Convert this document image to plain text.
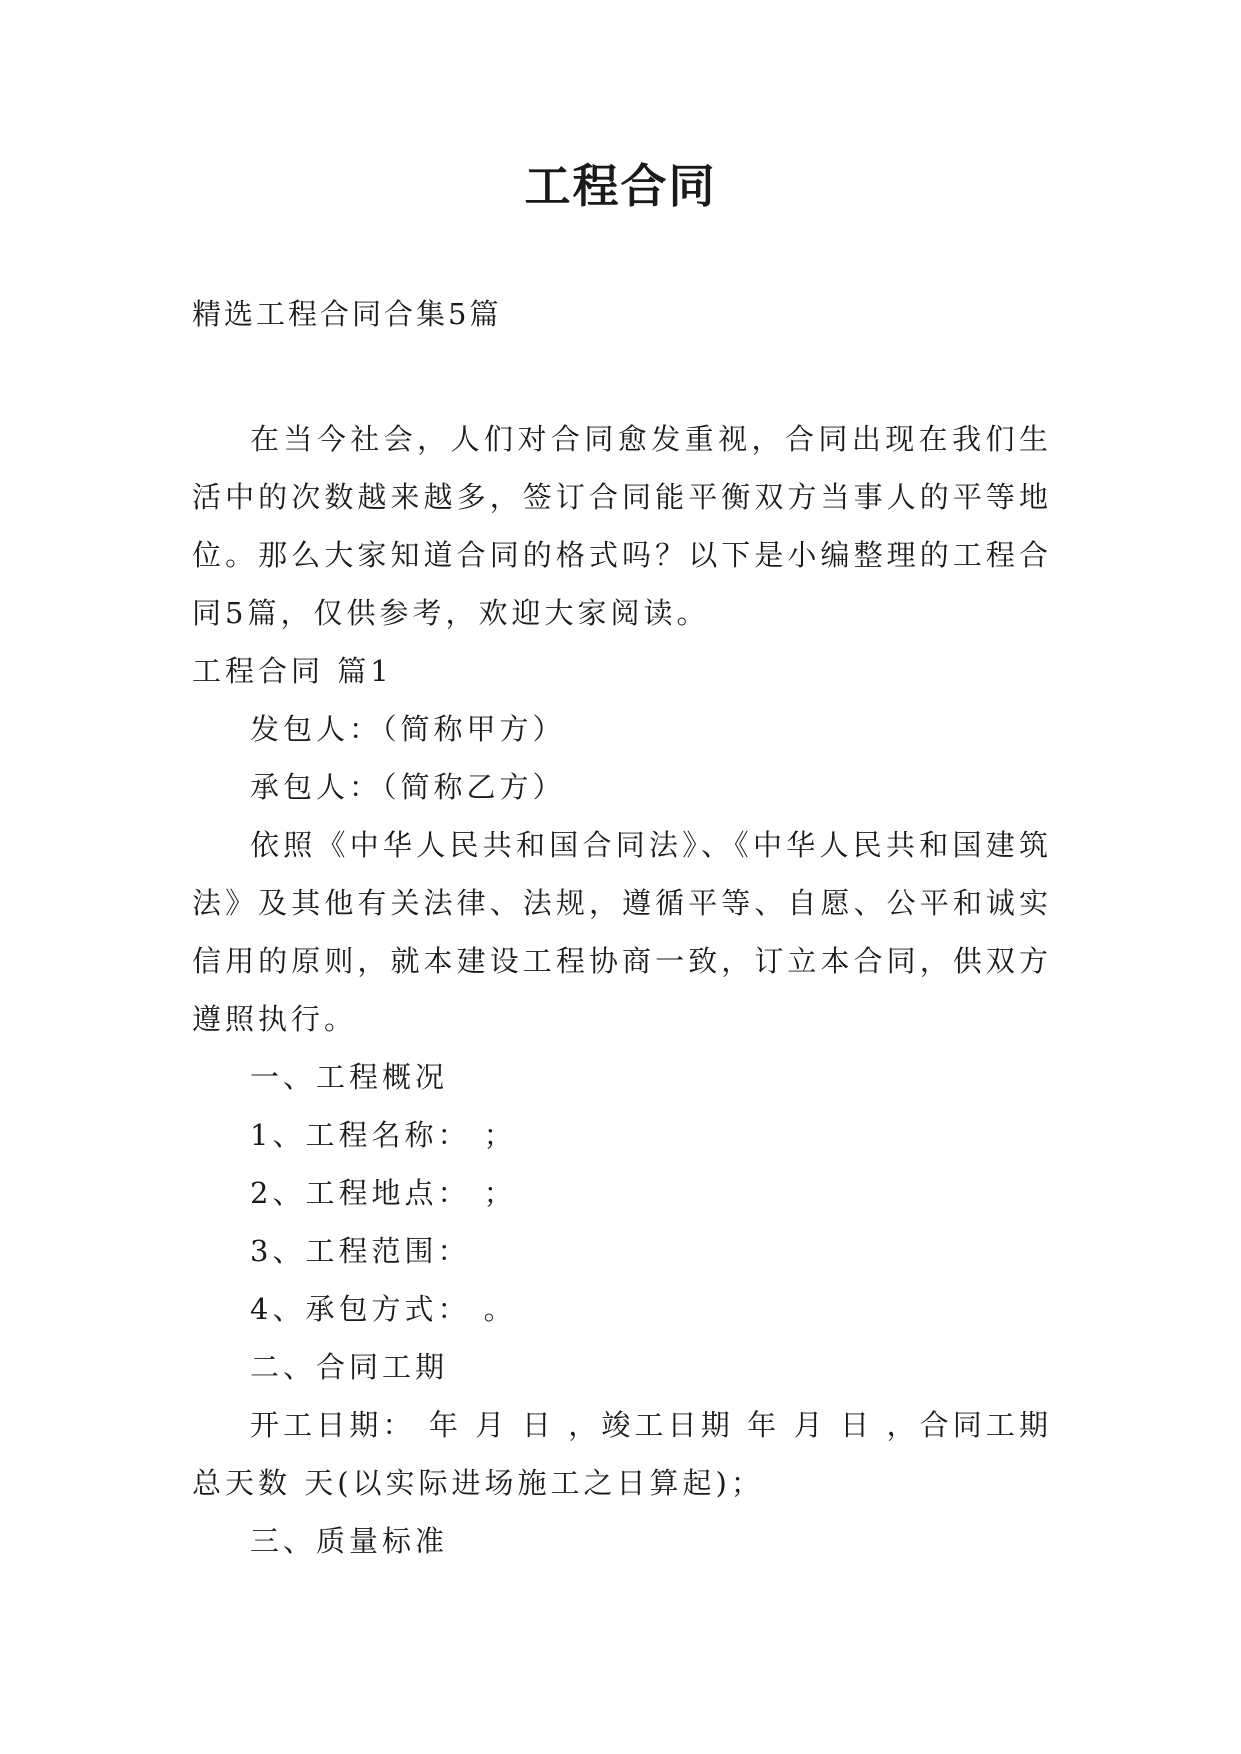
工程合同

精选工程合同合集5篇

在当今社会，人们对合同愈发重视，合同出现在我们生活中的次数越来越多，签订合同能平衡双方当事人的平等地位。那么大家知道合同的格式吗？以下是小编整理的工程合同5篇，仅供参考，欢迎大家阅读。

工程合同 篇1

发包人：（简称甲方）

承包人：（简称乙方）

依照《中华人民共和国合同法》、《中华人民共和国建筑法》及其他有关法律、法规，遵循平等、自愿、公平和诚实信用的原则，就本建设工程协商一致，订立本合同，供双方遵照执行。

一、工程概况

1、工程名称： ；

2、工程地点： ；

3、工程范围：

4、承包方式： 。

二、合同工期

开工日期： 年 月 日 ，竣工日期 年 月 日 ，合同工期总天数 天(以实际进场施工之日算起)；

三、质量标准
